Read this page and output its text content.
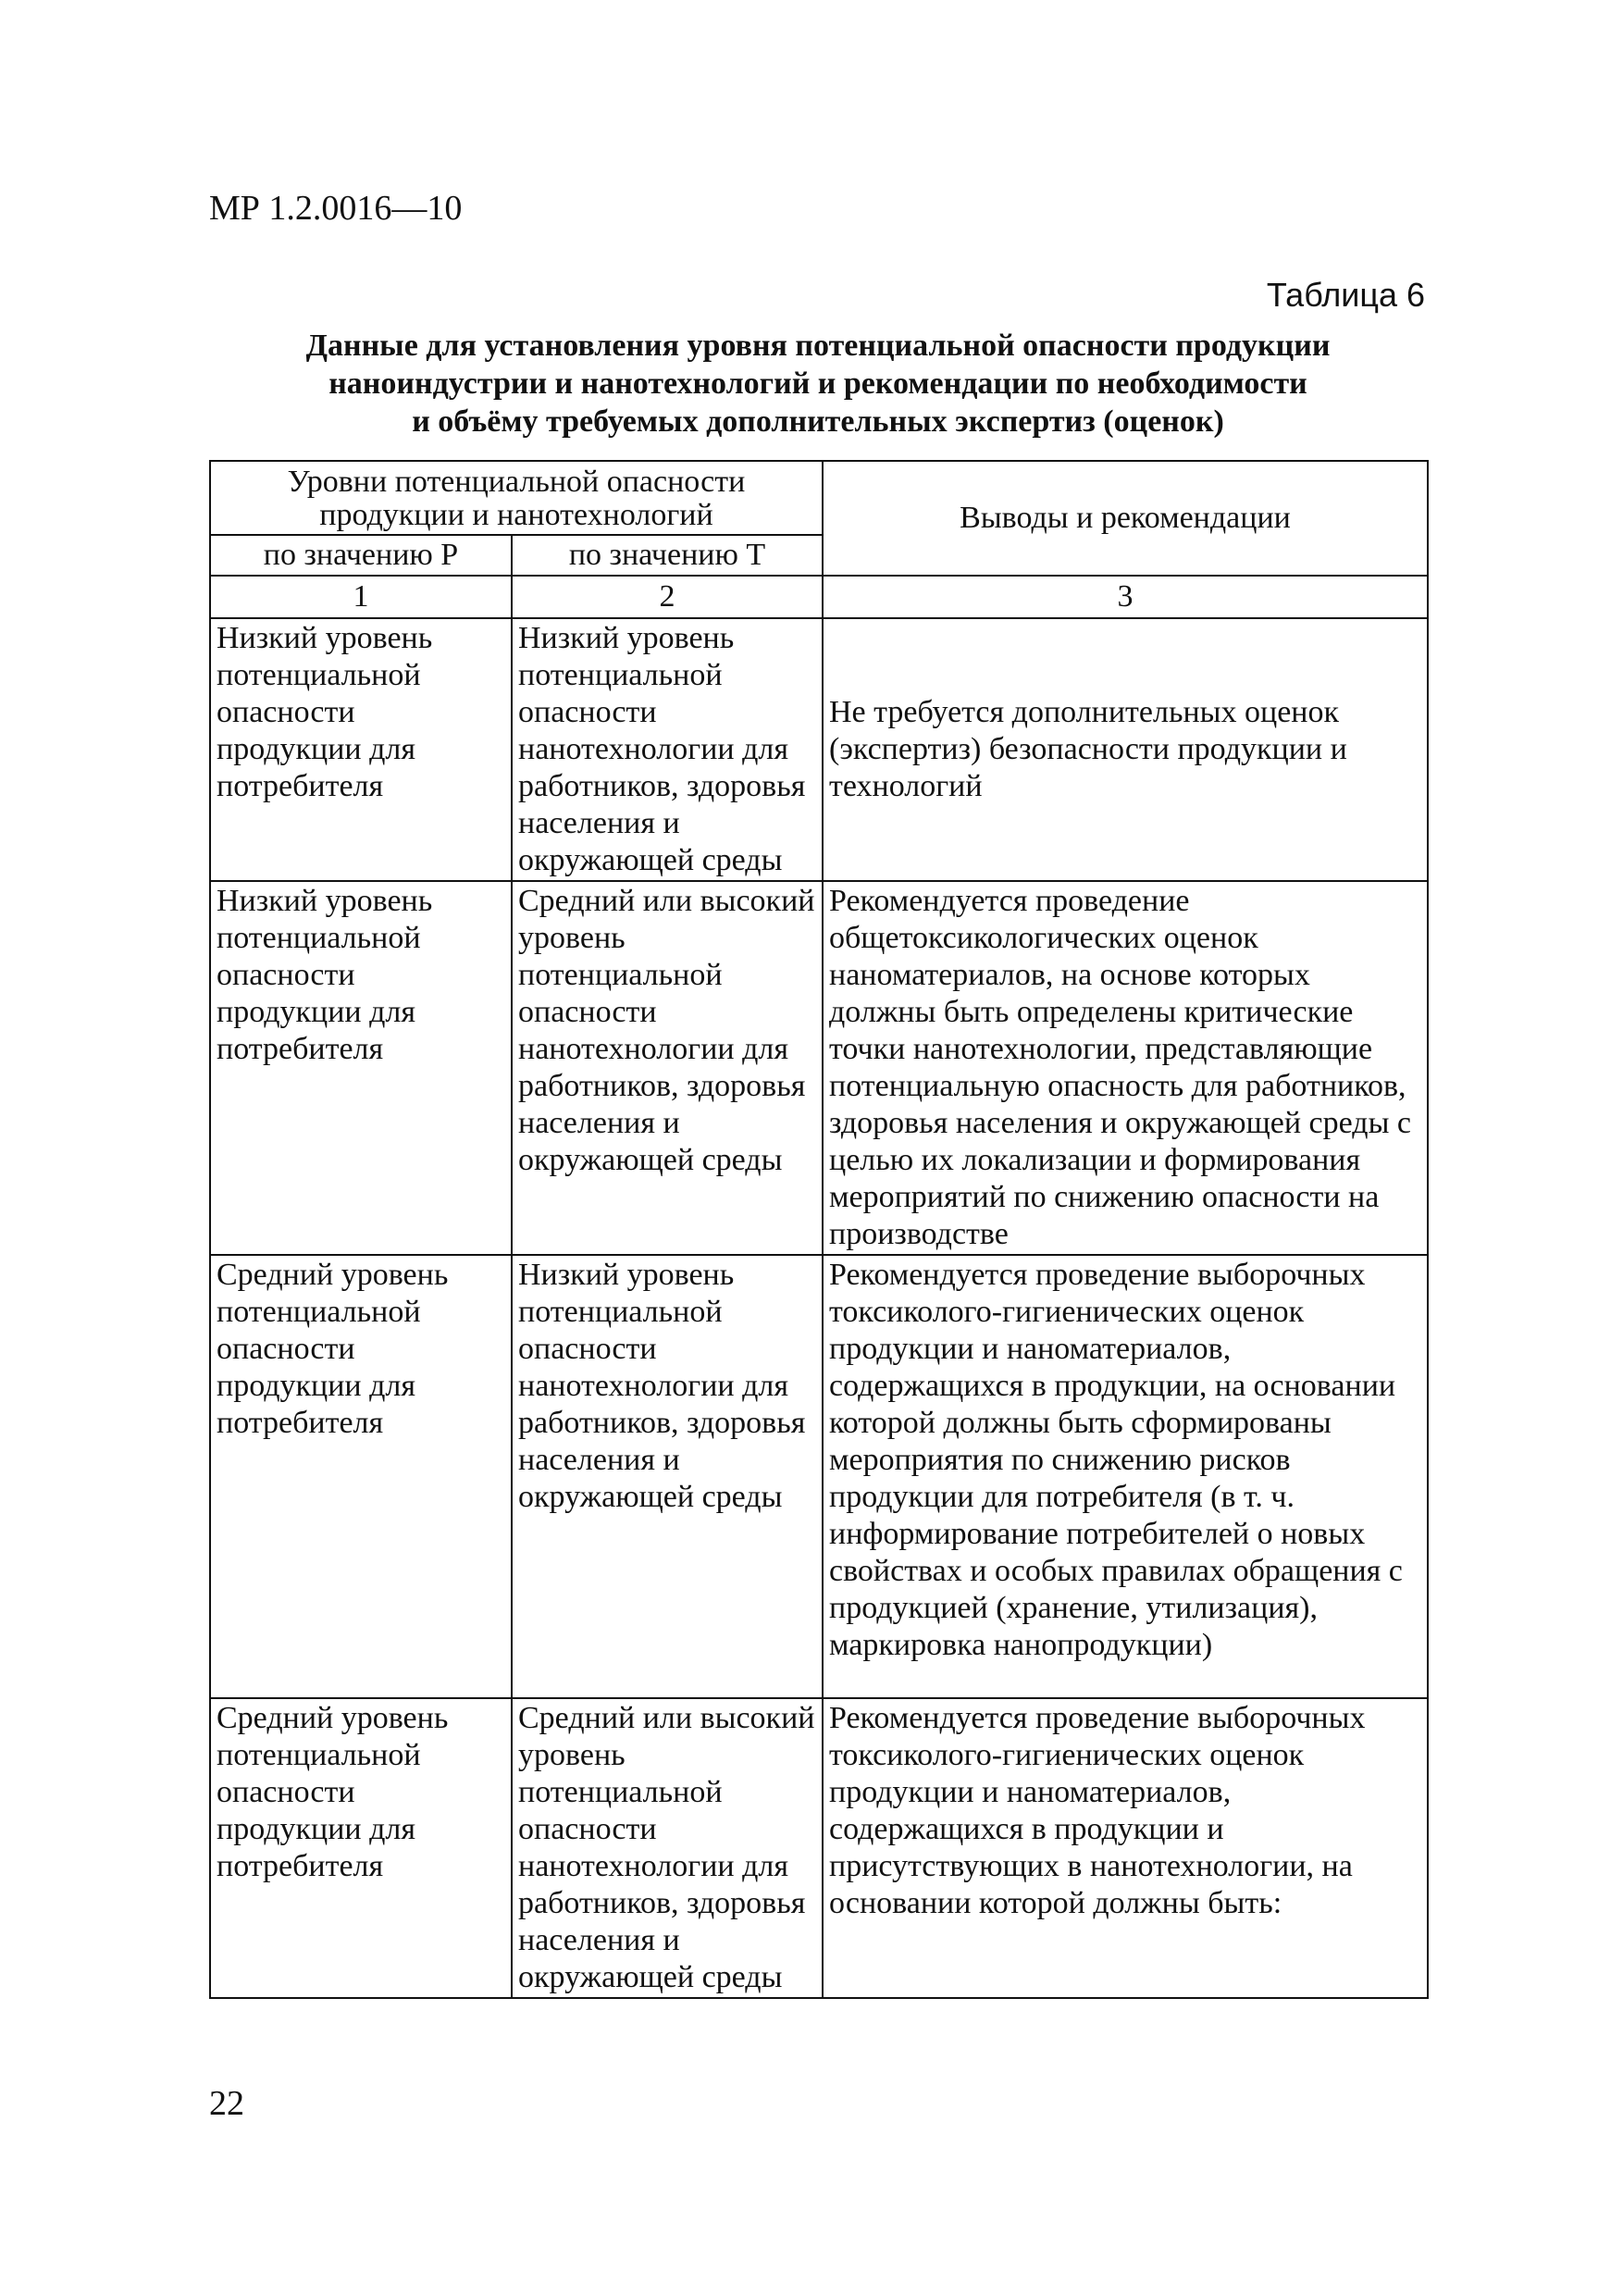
МР 1.2.0016—10
Таблица 6
Данные для установления уровня потенциальной опасности продукции
наноиндустрии и нанотехнологий и рекомендации по необходимости
и объёму требуемых дополнительных экспертиз (оценок)
Уровни потенциальной опасности продукции и нанотехнологий		Выводы и рекомендации
по значению Р	по значению Т	
1	2	3
Низкий уровень потенциальной опасности продукции для потребителя	Низкий уровень потенциальной опасности нанотехнологии для работников, здоровья населения и окружающей среды	Не требуется дополнительных оценок (экспертиз) безопасности продукции и технологий
Низкий уровень потенциальной опасности продукции для потребителя	Средний или высокий уровень потенциальной опасности нанотехнологии для работников, здоровья населения и окружающей среды	Рекомендуется проведение общетоксикологических оценок наноматериалов, на основе которых должны быть определены критические точки нанотехнологии, представляющие потенциальную опасность для работников, здоровья населения и окружающей среды с целью их локализации и формирования мероприятий по снижению опасности на производстве
Средний уровень потенциальной опасности продукции для потребителя	Низкий уровень потенциальной опасности нанотехнологии для работников, здоровья населения и окружающей среды	Рекомендуется проведение выборочных токсиколого-гигиенических оценок продукции и наноматериалов, содержащихся в продукции, на основании которой должны быть сформированы мероприятия по снижению рисков продукции для потребителя (в т. ч. информирование потребителей о новых свойствах и особых правилах обращения с продукцией (хранение, утилизация), маркировка нанопродукции)
Средний уровень потенциальной опасности продукции для потребителя	Средний или высокий уровень потенциальной опасности нанотехнологии для работников, здоровья населения и окружающей среды	Рекомендуется проведение выборочных токсиколого-гигиенических оценок продукции и наноматериалов, содержащихся в продукции и присутствующих в нанотехнологии, на основании которой должны быть:
22
